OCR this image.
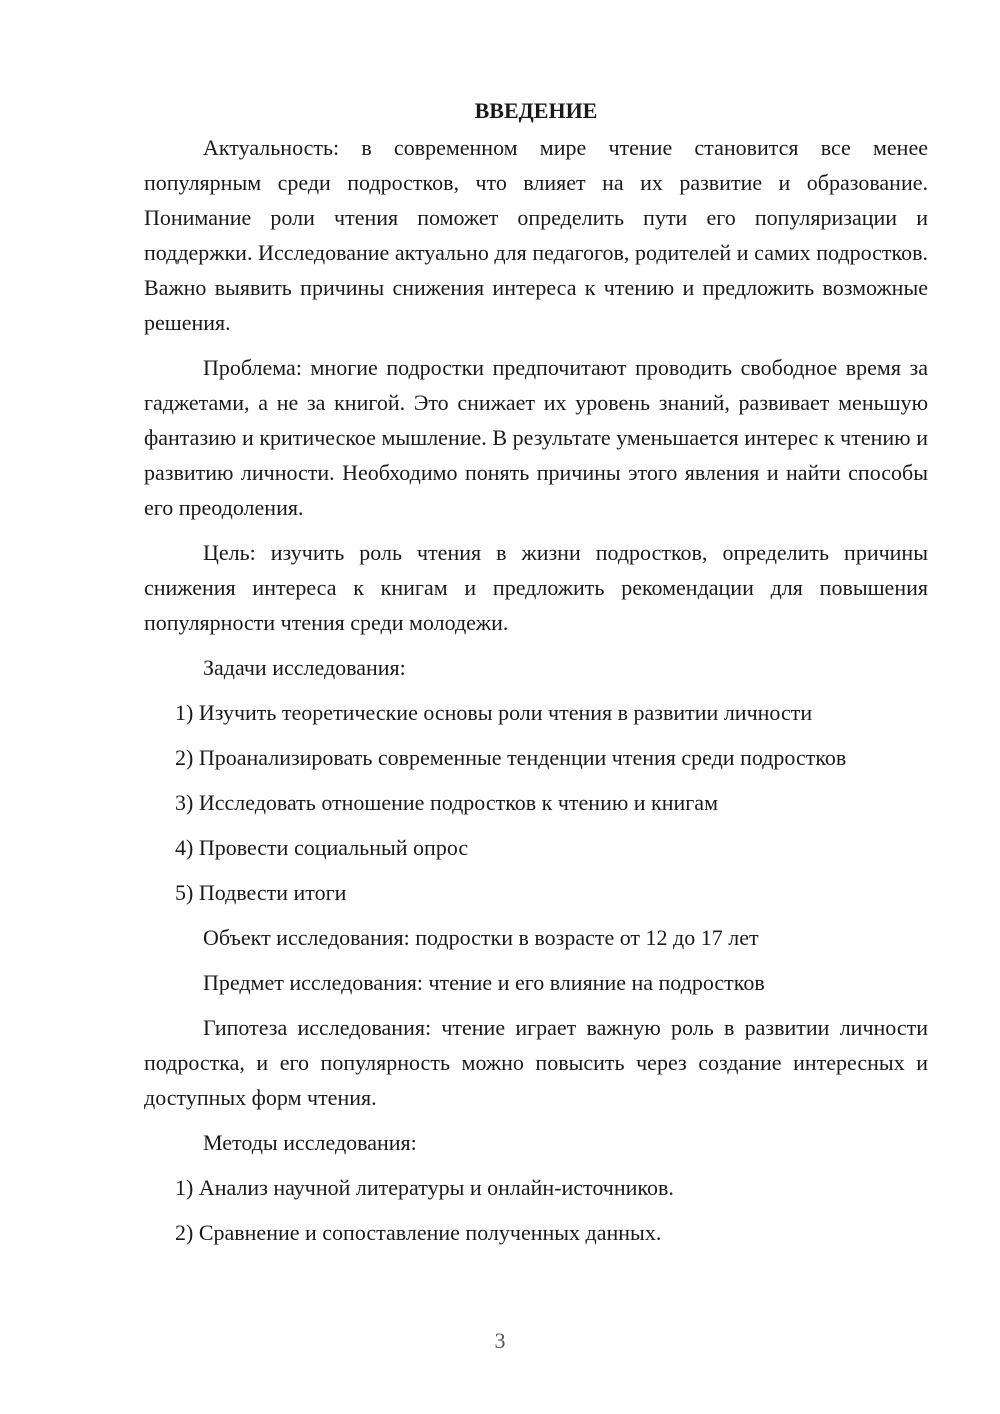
ВВЕДЕНИЕ

Актуальность: в современном мире чтение становится все менее популярным среди подростков, что влияет на их развитие и образование. Понимание роли чтения поможет определить пути его популяризации и поддержки. Исследование актуально для педагогов, родителей и самих подростков. Важно выявить причины снижения интереса к чтению и предложить возможные решения.

Проблема: многие подростки предпочитают проводить свободное время за гаджетами, а не за книгой. Это снижает их уровень знаний, развивает меньшую фантазию и критическое мышление. В результате уменьшается интерес к чтению и развитию личности. Необходимо понять причины этого явления и найти способы его преодоления.

Цель: изучить роль чтения в жизни подростков, определить причины снижения интереса к книгам и предложить рекомендации для повышения популярности чтения среди молодежи.

Задачи исследования:
1) Изучить теоретические основы роли чтения в развитии личности
2) Проанализировать современные тенденции чтения среди подростков
3) Исследовать отношение подростков к чтению и книгам
4) Провести социальный опрос
5) Подвести итоги
Объект исследования: подростки в возрасте от 12 до 17 лет
Предмет исследования: чтение и его влияние на подростков

Гипотеза исследования: чтение играет важную роль в развитии личности подростка, и его популярность можно повысить через создание интересных и доступных форм чтения.

Методы исследования:
1) Анализ научной литературы и онлайн-источников.
2) Сравнение и сопоставление полученных данных.
3
